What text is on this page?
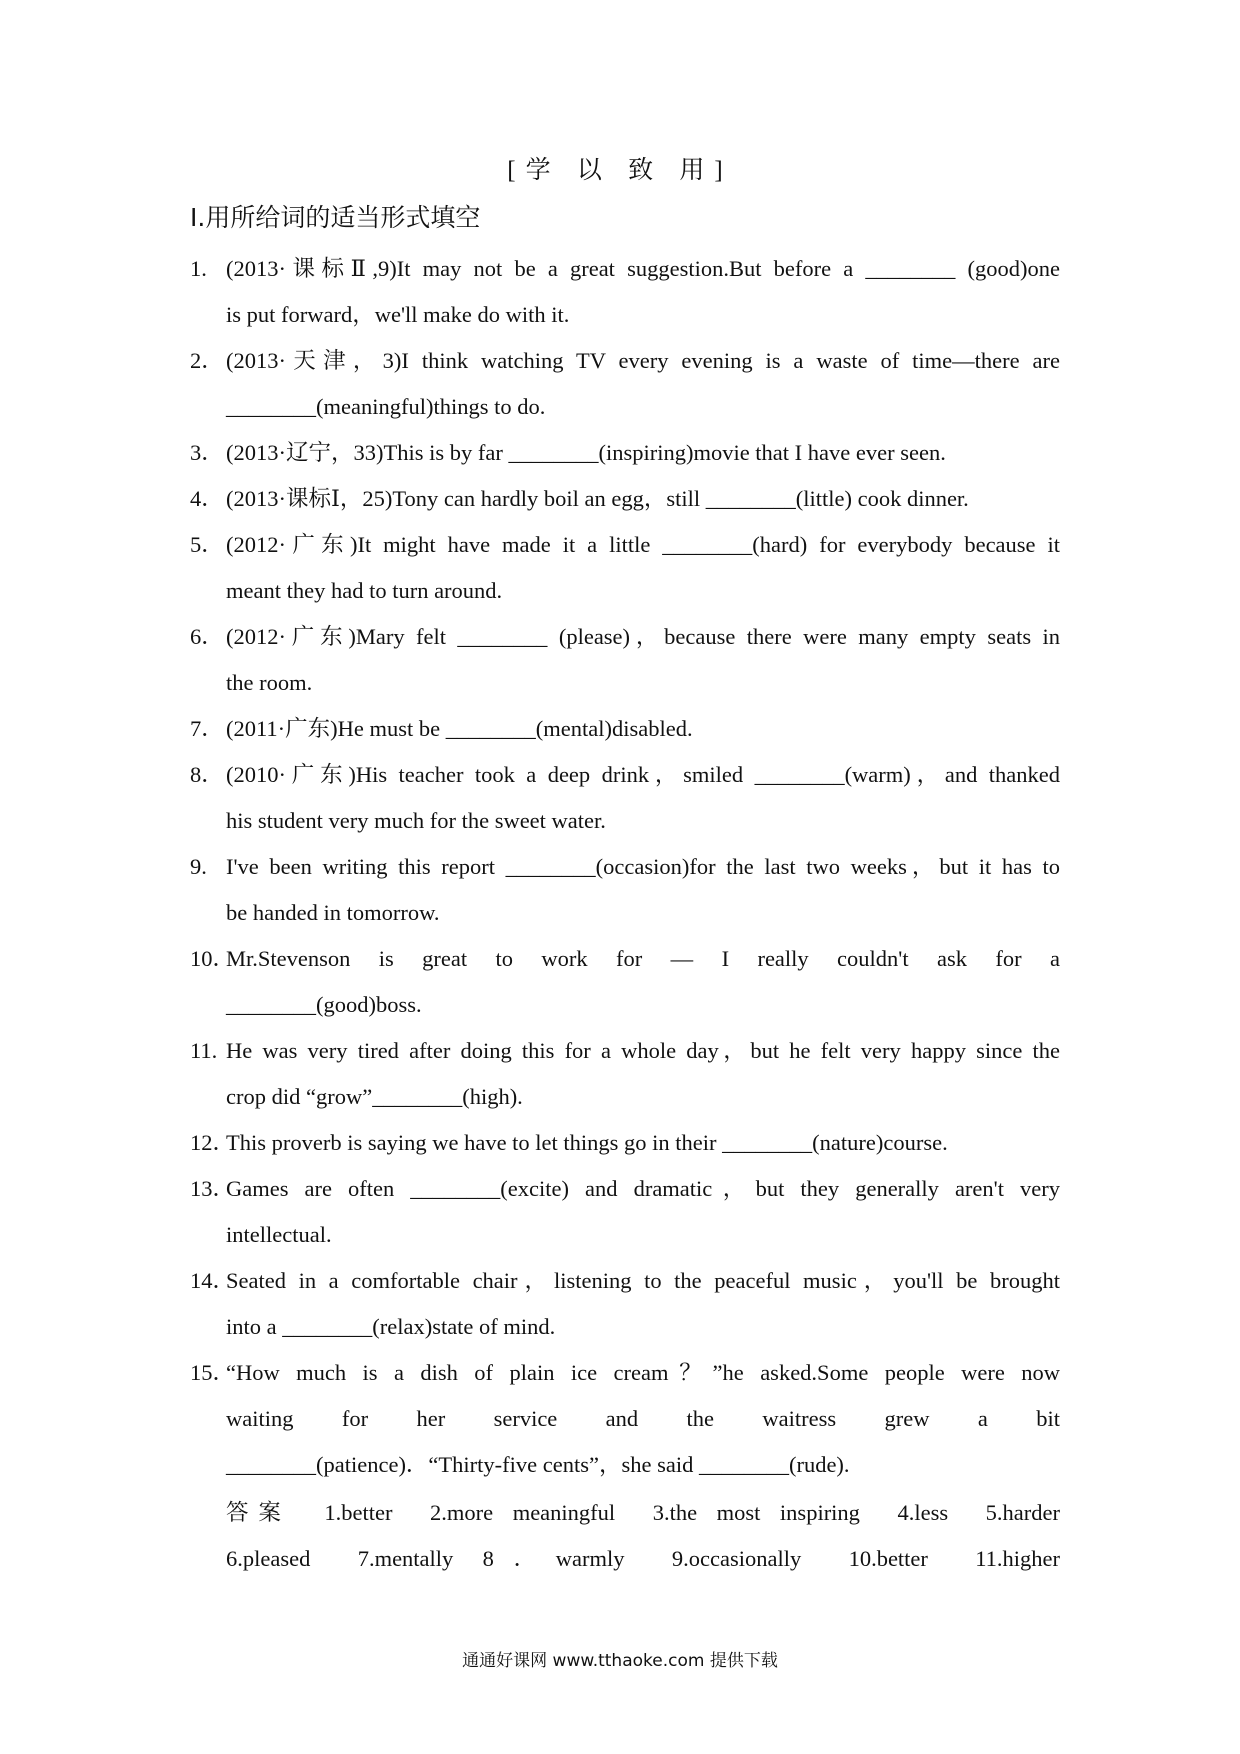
[学 以 致 用]
Ⅰ.用所给词的适当形式填空
1. (2013·课标Ⅱ,9)It may not be a great suggestion.But before a ________ (good)one
is put forward，we'll make do with it.
2． (2013·天津，3)I think watching TV every evening is a waste of time—there are
________(meaningful)things to do.
3． (2013·辽宁，33)This is by far ________(inspiring)movie that I have ever seen.
4． (2013·课标Ⅰ，25)Tony can hardly boil an egg，still ________(little) cook dinner.
5． (2012·广东)It might have made it a little ________(hard) for everybody because it
meant they had to turn around.
6． (2012·广东)Mary felt ________ (please)，because there were many empty seats in
the room.
7． (2011·广东)He must be ________(mental)disabled.
8． (2010·广东)His teacher took a deep drink，smiled ________(warm)，and thanked
his student very much for the sweet water.
9. I've been writing this report ________(occasion)for the last two weeks，but it has to
be handed in tomorrow.
10．
Mr.Stevenson is great to work for — I really couldn't ask for a
________(good)boss.
11. He was very tired after doing this for a whole day，but he felt very happy since the
crop did “grow”________(high).
12．
This proverb is saying we have to let things go in their ________(nature)course.
13．
Games are often ________(excite) and dramatic，but they generally aren't very
intellectual.
14．
Seated in a comfortable chair，listening to the peaceful music，you'll be brought
into a ________(relax)state of mind.
15．
“How much is a dish of plain ice cream？”he asked.Some people were now
waiting for her service and the waitress grew a bit
________(patience)．“Thirty-five cents”，she said ________(rude).
答案 1.better 2.more meaningful 3.the most inspiring 4.less 5.harder
6.pleased 7.mentally 8．warmly 9.occasionally 10.better 11.higher
通通好课网 www.tthaoke.com 提供下载
